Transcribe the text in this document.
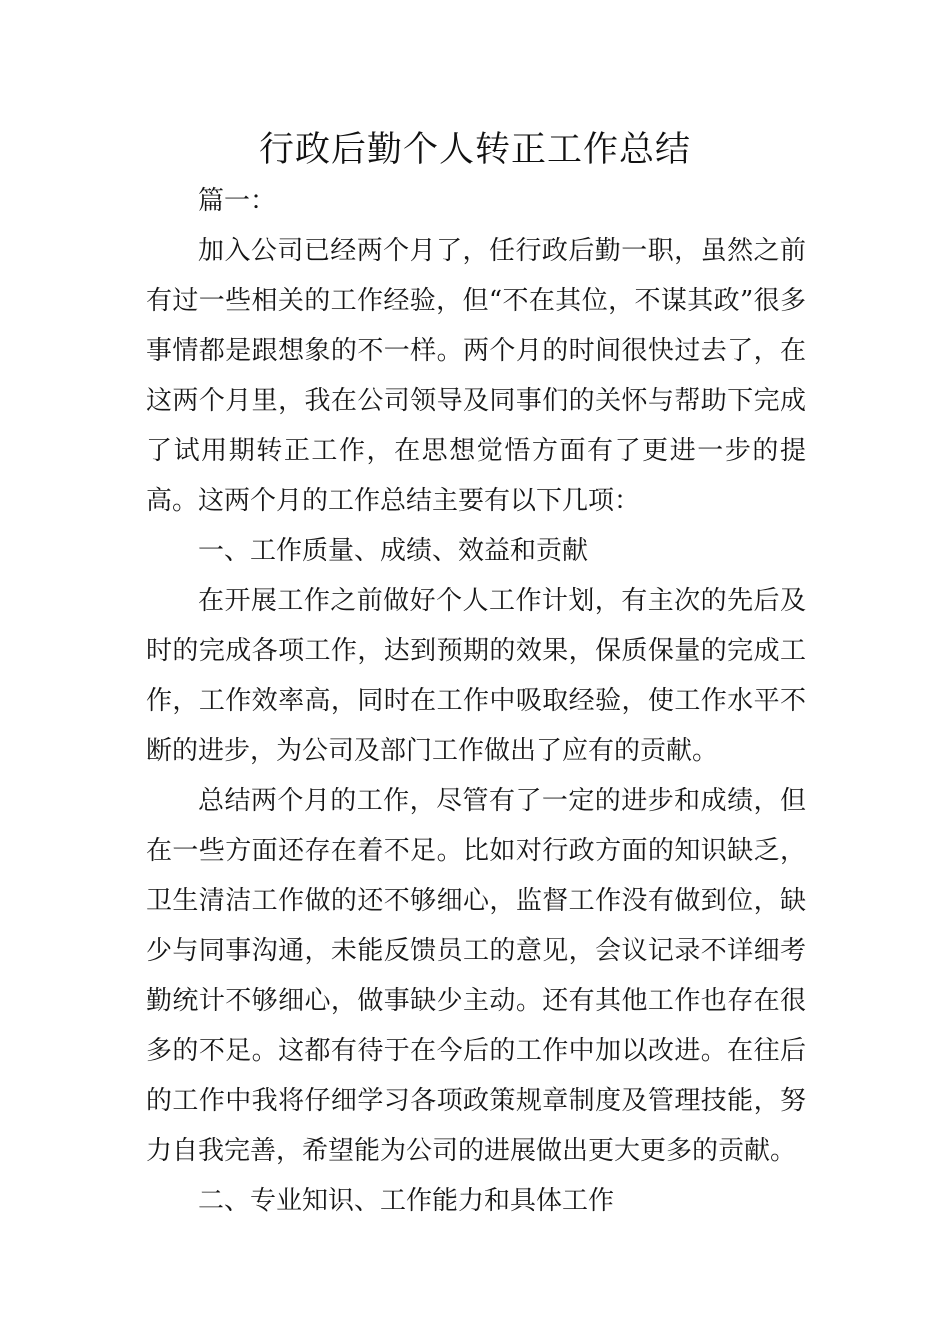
行政后勤个人转正工作总结

篇一：

加入公司已经两个月了，任行政后勤一职，虽然之前有过一些相关的工作经验，但“不在其位，不谋其政”很多事情都是跟想象的不一样。两个月的时间很快过去了，在这两个月里，我在公司领导及同事们的关怀与帮助下完成了试用期转正工作，在思想觉悟方面有了更进一步的提高。这两个月的工作总结主要有以下几项：

一、工作质量、成绩、效益和贡献

在开展工作之前做好个人工作计划，有主次的先后及时的完成各项工作，达到预期的效果，保质保量的完成工作，工作效率高，同时在工作中吸取经验，使工作水平不断的进步，为公司及部门工作做出了应有的贡献。

总结两个月的工作，尽管有了一定的进步和成绩，但在一些方面还存在着不足。比如对行政方面的知识缺乏，卫生清洁工作做的还不够细心，监督工作没有做到位，缺少与同事沟通，未能反馈员工的意见，会议记录不详细考勤统计不够细心，做事缺少主动。还有其他工作也存在很多的不足。这都有待于在今后的工作中加以改进。在往后的工作中我将仔细学习各项政策规章制度及管理技能，努力自我完善，希望能为公司的进展做出更大更多的贡献。

二、专业知识、工作能力和具体工作
